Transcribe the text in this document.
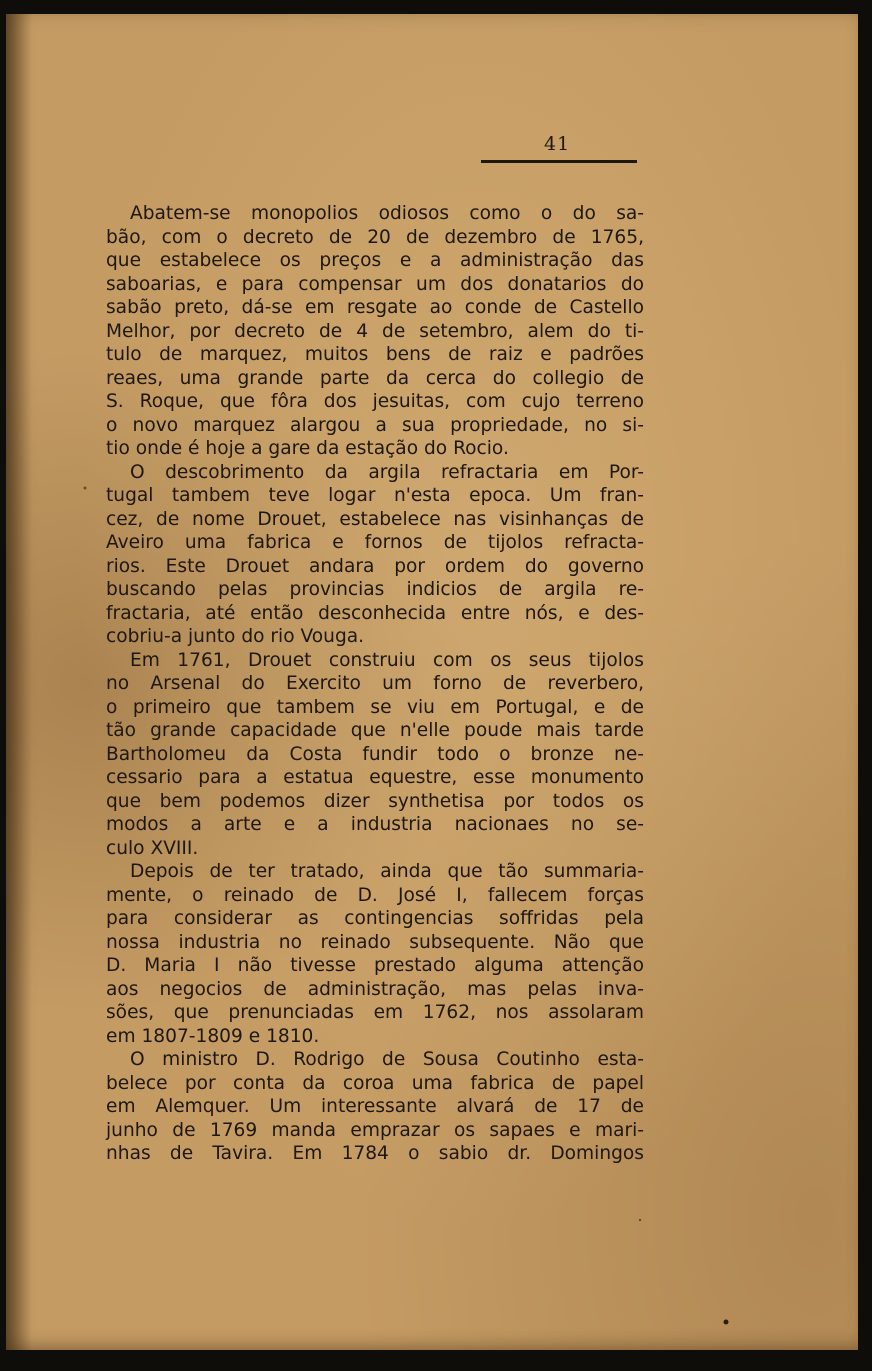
41
Abatem-se monopolios odiosos como o do sa-
bão, com o decreto de 20 de dezembro de 1765,
que estabelece os preços e a administração das
saboarias, e para compensar um dos donatarios do
sabão preto, dá-se em resgate ao conde de Castello
Melhor, por decreto de 4 de setembro, alem do ti-
tulo de marquez, muitos bens de raiz e padrões
reaes, uma grande parte da cerca do collegio de
S. Roque, que fôra dos jesuitas, com cujo terreno
o novo marquez alargou a sua propriedade, no si-
tio onde é hoje a gare da estação do Rocio.
O descobrimento da argila refractaria em Por-
tugal tambem teve logar n'esta epoca. Um fran-
cez, de nome Drouet, estabelece nas visinhanças de
Aveiro uma fabrica e fornos de tijolos refracta-
rios. Este Drouet andara por ordem do governo
buscando pelas provincias indicios de argila re-
fractaria, até então desconhecida entre nós, e des-
cobriu-a junto do rio Vouga.
Em 1761, Drouet construiu com os seus tijolos
no Arsenal do Exercito um forno de reverbero,
o primeiro que tambem se viu em Portugal, e de
tão grande capacidade que n'elle poude mais tarde
Bartholomeu da Costa fundir todo o bronze ne-
cessario para a estatua equestre, esse monumento
que bem podemos dizer synthetisa por todos os
modos a arte e a industria nacionaes no se-
culo XVIII.
Depois de ter tratado, ainda que tão summaria-
mente, o reinado de D. José I, fallecem forças
para considerar as contingencias soffridas pela
nossa industria no reinado subsequente. Não que
D. Maria I não tivesse prestado alguma attenção
aos negocios de administração, mas pelas inva-
sões, que prenunciadas em 1762, nos assolaram
em 1807-1809 e 1810.
O ministro D. Rodrigo de Sousa Coutinho esta-
belece por conta da coroa uma fabrica de papel
em Alemquer. Um interessante alvará de 17 de
junho de 1769 manda emprazar os sapaes e mari-
nhas de Tavira. Em 1784 o sabio dr. Domingos
